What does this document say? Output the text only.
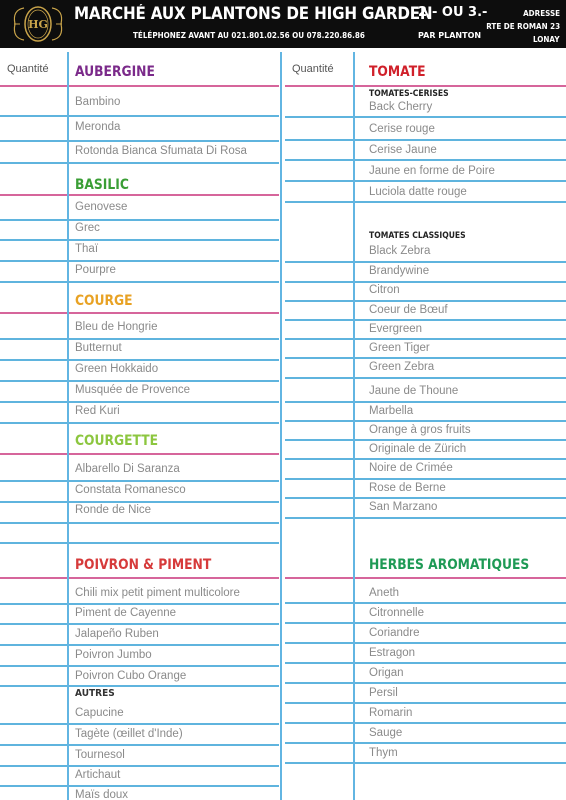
HG
MARCHÉ AUX PLANTONS DE HIGH GARDEN
TÉLÉPHONEZ AVANT AU 021.801.02.56 OU 078.220.86.86
2.- OU 3.-
PAR PLANTON
ADRESSE
RTE DE ROMAN 23
LONAY
Quantité	Quantité
AUBERGINE
Bambino
Meronda
Rotonda Bianca Sfumata Di Rosa
BASILIC
Genovese
Grec
Thaï
Pourpre
COURGE
Bleu de Hongrie
Butternut
Green Hokkaido
Musquée de Provence
Red Kuri
COURGETTE
Albarello Di Saranza
Constata Romanesco
Ronde de Nice
POIVRON & PIMENT
Chili mix petit piment multicolore
Piment de Cayenne
Jalapeño Ruben
Poivron Jumbo
Poivron Cubo Orange
AUTRES
Capucine
Tagète (œillet d'Inde)
Tournesol
Artichaut
Maïs doux
TOMATE
TOMATES-CERISES
Back Cherry
Cerise rouge
Cerise Jaune
Jaune en forme de Poire
Luciola datte rouge
TOMATES CLASSIQUES
Black Zebra
Brandywine
Citron
Coeur de Bœuf
Evergreen
Green Tiger
Green Zebra
Jaune de Thoune
Marbella
Orange à gros fruits
Originale de Zürich
Noire de Crimée
Rose de Berne
San Marzano
HERBES AROMATIQUES
Aneth
Citronnelle
Coriandre
Estragon
Origan
Persil
Romarin
Sauge
Thym
